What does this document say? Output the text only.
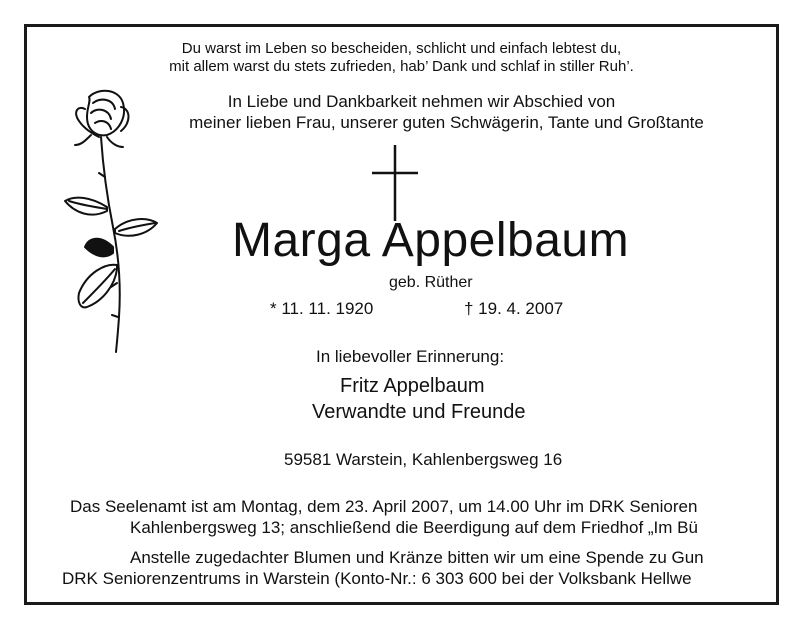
Du warst im Leben so bescheiden, schlicht und einfach lebtest du,
mit allem warst du stets zufrieden, hab’ Dank und schlaf in stiller Ruh’.
In Liebe und Dankbarkeit nehmen wir Abschied von
meiner lieben Frau, unserer guten Schwägerin, Tante und Großtante
Marga Appelbaum
geb. Rüther
* 11. 11. 1920	† 19. 4. 2007
In liebevoller Erinnerung:
Fritz Appelbaum
Verwandte und Freunde
59581 Warstein, Kahlenbergsweg 16
Das Seelenamt ist am Montag, dem 23. April 2007, um 14.00 Uhr im DRK Senioren
Kahlenbergsweg 13; anschließend die Beerdigung auf dem Friedhof „Im Bü
Anstelle zugedachter Blumen und Kränze bitten wir um eine Spende zu Gun
DRK Seniorenzentrums in Warstein (Konto-Nr.: 6 303 600 bei der Volksbank Hellwe
